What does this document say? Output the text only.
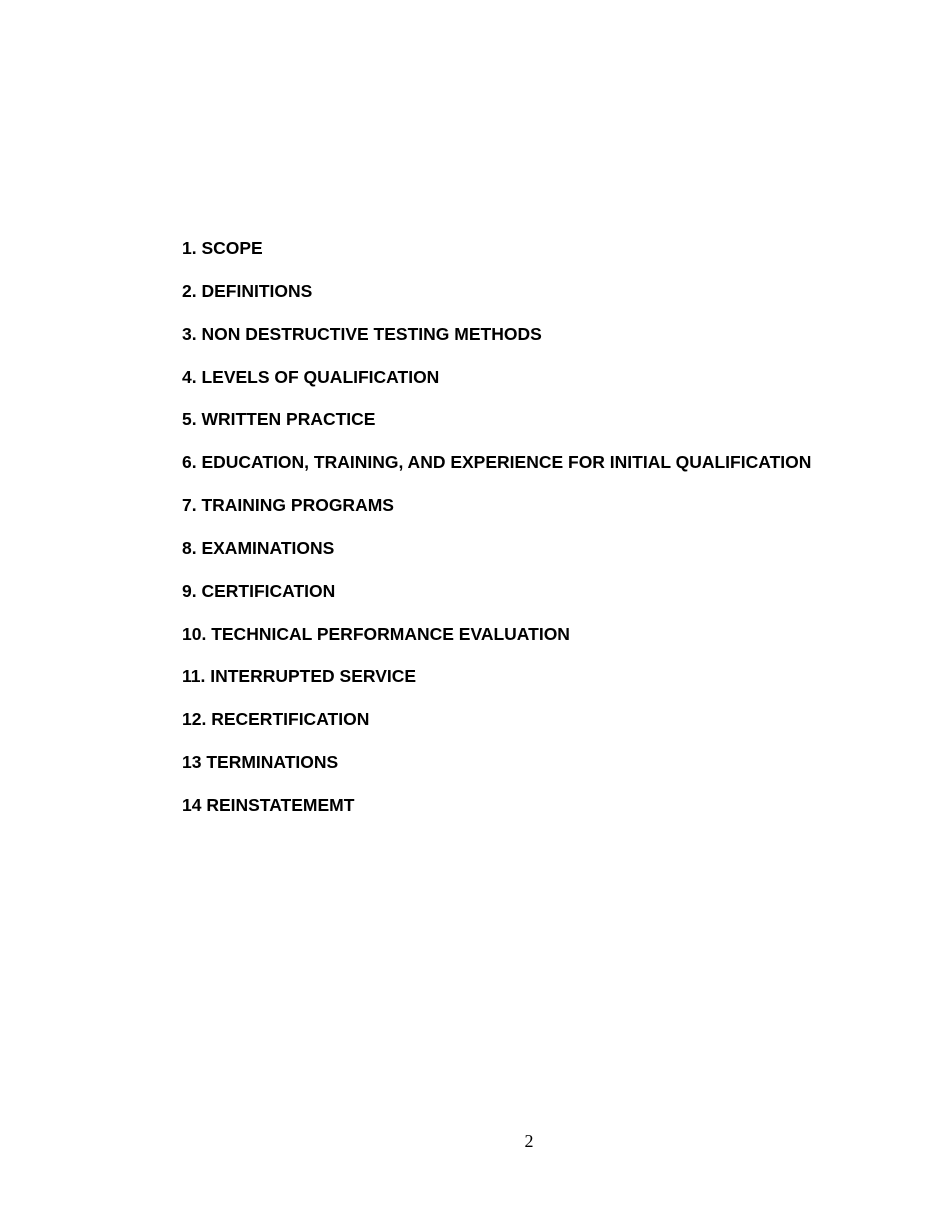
1. SCOPE
2. DEFINITIONS
3. NON DESTRUCTIVE TESTING METHODS
4. LEVELS OF QUALIFICATION
5. WRITTEN PRACTICE
6. EDUCATION, TRAINING, AND EXPERIENCE FOR INITIAL QUALIFICATION
7. TRAINING PROGRAMS
8. EXAMINATIONS
9. CERTIFICATION
10. TECHNICAL PERFORMANCE EVALUATION
11. INTERRUPTED SERVICE
12. RECERTIFICATION
13 TERMINATIONS
14 REINSTATEMEMT
2
